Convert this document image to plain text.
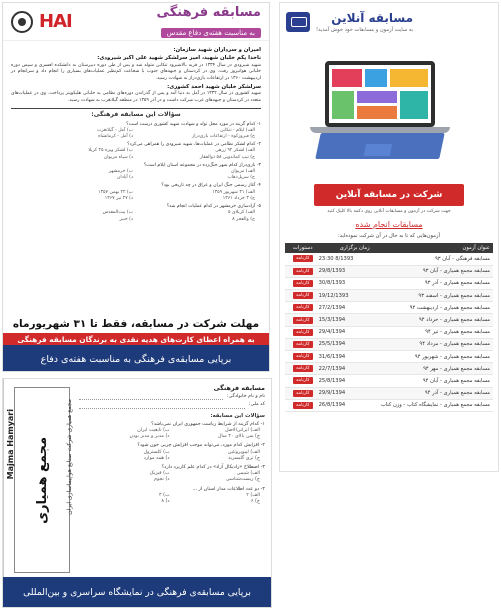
مسابقه فرهنگی
به مناسبت هفته‌ی دفاع مقدس
HAI
امیران و سرداران شهید سازمان:
ناخدا‌ یکم خلبان شهید، امیر سرلشکر شهید علی اکبر شیرودی:

شهید شیرودی در سال ۱۳۳۴ در قریه بالاشیرود تنکابن متولد شد و پس از طی دوره دبیرستان به دانشکده افسری و سپس دوره خلبانی هوانیروز رفت. وی در کردستان و جبهه‌های جنوب با شجاعت کم‌نظیر عملیات‌های بسیاری را انجام داد و سرانجام در اردیبهشت ۱۳۶۰ در ارتفاعات بازی‌دراز به شهادت رسید.

سرلشکر خلبان شهید احمد کشوری:

شهید کشوری در سال ۱۳۳۲ در آمل به دنیا آمد و پس از گذراندن دوره‌های نظامی به خلبانی هلیکوپتر پرداخت. وی در عملیات‌های متعدد در کردستان و جبهه‌های غرب شرکت داشت و در آذر ۱۳۵۹ در منطقه گیلانغرب به شهادت رسید.

سؤالات این مسابقه فرهنگی:
۱- کدام گزینه در مورد محل تولد و شهادت شهید کشوری درست است؟
الف) ایلام - تنکابن
ب) آمل - گیلانغرب
ج) فیروزکوه - ارتفاعات بازی‌دراز
د) آمل - کرمانشاه
۲- کدام لشکر نظامی در عملیات‌ها، شهید شیرودی را همراهی می‌کرد؟
الف) لشکر ۹۲ زرهی
ب) لشکر ویژه ۲۵ کربلا
ج) تیپ کماندویی ۵۸ ذوالفقار
د) سپاه مریوان
۳- بازی‌دراز کدام شهر جنگ‌زده در مجموعه استان ایلام است؟
الف) مریوان
ب) خرمشهر
ج) سرپل‌ذهاب
د) آبادان
۴- آغاز رسمی جنگ ایران و عراق در چه تاریخی بود؟
الف) ۳۱ شهریور ۱۳۵۹
ب) ۲۲ بهمن ۱۳۵۷
ج) ۳ خرداد ۱۳۶۱
د) ۲۷ تیر ۱۳۶۷
۵- آزادسازی خرمشهر در کدام عملیات انجام شد؟
الف) کربلای ۵
ب) بیت‌المقدس
ج) والفجر ۸
د) خیبر
مهلت شرکت در مسابقه، فقط تا ۳۱ شهریورماه
به همراه اعطای کارت‌های هدیه نقدی به برندگان مسابقه فرهنگی
برپایی مسابقه‌ی فرهنگی به مناسبت هفته‌ی دفاع
مسابقه آنلاین
به سایت آزمون و مسابقات خود خوش آمدید!
شرکت در مسابقه آنلاین
جهت شرکت در آزمون و مسابقات آنلاین روی دکمه بالا کلیک کنید
مسابقات انجام شده
آزمون‌هایی که تا به حال در آن شرکت نموده‌اید:
عنوان آزمون	زمان برگزاری	دستورات
مسابقه فرهنگی - آبان ۹۳	23:30 8/1393	کارنامه
مسابقه مجمع همیاری - آبان ۹۳	29/8/1393	کارنامه
مسابقه مجمع همیاری - آذر ۹۳	30/8/1393	کارنامه
مسابقه مجمع همیاری - اسفند ۹۳	19/12/1393	کارنامه
مسابقه مجمع همیاری - اردیبهشت ۹۴	27/2/1394	کارنامه
مسابقه مجمع همیاری - خرداد ۹۴	15/3/1394	کارنامه
مسابقه مجمع همیاری - تیر ۹۴	29/4/1394	کارنامه
مسابقه مجمع همیاری - مرداد ۹۴	25/5/1394	کارنامه
مسابقه مجمع همیاری - شهریور ۹۴	31/6/1394	کارنامه
مسابقه مجمع همیاری - مهر ۹۴	22/7/1394	کارنامه
مسابقه مجمع همیاری - آبان ۹۴	25/8/1394	کارنامه
مسابقه مجمع همیاری - آذر ۹۴	29/9/1394	کارنامه
مسابقه مجمع همیاری - نمایشگاه کتاب - وزن کتاب	26/8/1394	کارنامه
مجمع همیاری	مجمع همیاری شرکت صنایع هواپیماسازی ایران
Majma Hamyari
مسابقه فرهنگی
نام و نام خانوادگی:
کد ملی:
سؤالات این مسابقه:
۱- کدام گزینه از شرایط ریاست جمهوری ایران نمی‌باشد؟
الف) ایرانی‌الاصل
ب) تابعیت ایران
ج) سن بالای ۴۰ سال
د) مدیر و مدبر بودن
۲- افزایش کدام مورد، می‌تواند موجب افزایش چربی خون شود؟
الف) لیپوپروتئین
ب) کلسترول
ج) تری گلیسرید
د) همه موارد
۳- اصطلاح «رادیکال آزاد» در کدام علم کاربرد دارد؟
الف) شیمی
ب) فیزیک
ج) زیست‌شناسی
د) نجوم
۴- دو عدد اطلاعات مدار استان از ...
الف) ۲
ب) ۴
ج) ۶
د) ۸
برپایی مسابقه‌ی فرهنگی در نمایشگاه سراسری و بین‌المللی
